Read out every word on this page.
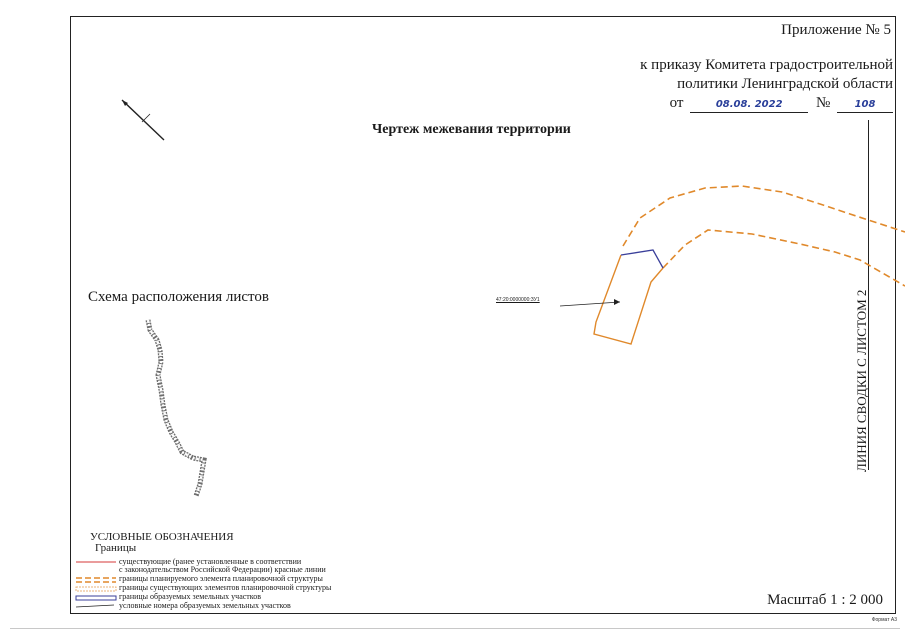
Приложение № 5
к приказу Комитета градостроительной
политики Ленинградской области
от	08.08. 2022 № 108
Чертеж межевания территории
Схема расположения листов	ЛИНИЯ СВОДКИ С ЛИСТОМ 2
47:20:0000000:ЗУ1
УСЛОВНЫЕ ОБОЗНАЧЕНИЯ
Границы
существующие (ранее установленные в соответствии
с законодательством Российской Федерации) красные линии
границы планируемого элемента планировочной структуры
границы существующих элементов планировочной структуры
границы образуемых земельных участков
условные номера образуемых земельных участков	Масштаб 1 : 2 000
Формат А3
